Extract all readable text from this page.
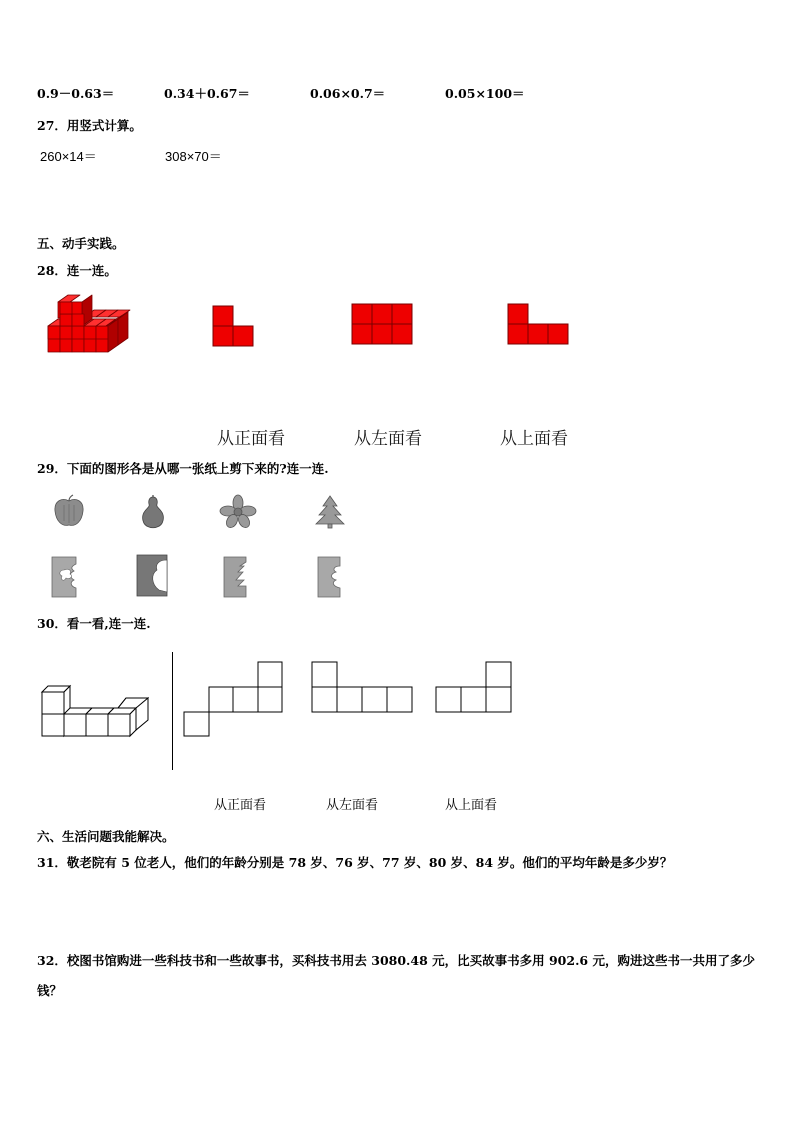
0.9－0.63＝	0.34＋0.67＝	0.06×0.7＝	0.05×100＝
27．用竖式计算。
260×14＝	308×70＝
五、动手实践。
28．连一连。
从正面看	从左面看	从上面看
29．下面的图形各是从哪一张纸上剪下来的?连一连.
30．看一看,连一连.
从正面看	从左面看	从上面看
六、生活问题我能解决。
31．敬老院有 5 位老人，他们的年龄分别是 78 岁、76 岁、77 岁、80 岁、84 岁。他们的平均年龄是多少岁？
32．校图书馆购进一些科技书和一些故事书，买科技书用去 3080.48 元，比买故事书多用 902.6 元，购进这些书一共用了多少钱？
